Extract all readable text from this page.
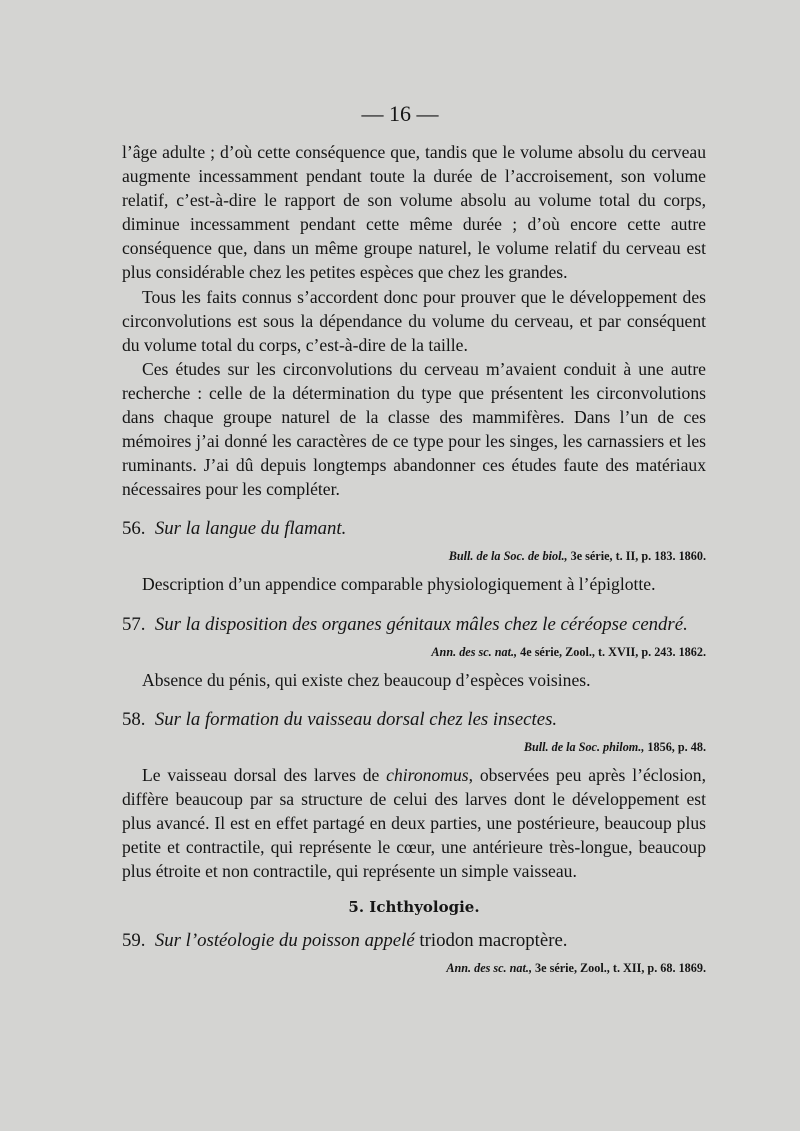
— 16 —

l’âge adulte ; d’où cette conséquence que, tandis que le volume absolu du cerveau augmente incessamment pendant toute la durée de l’accroisement, son volume relatif, c’est-à-dire le rapport de son volume absolu au volume total du corps, diminue incessamment pendant cette même durée ; d’où encore cette autre conséquence que, dans un même groupe naturel, le volume relatif du cerveau est plus considérable chez les petites espèces que chez les grandes.

Tous les faits connus s’accordent donc pour prouver que le développement des circonvolutions est sous la dépendance du volume du cerveau, et par conséquent du volume total du corps, c’est-à-dire de la taille.

Ces études sur les circonvolutions du cerveau m’avaient conduit à une autre recherche : celle de la détermination du type que présentent les circonvolutions dans chaque groupe naturel de la classe des mammifères. Dans l’un de ces mémoires j’ai donné les caractères de ce type pour les singes, les carnassiers et les ruminants. J’ai dû depuis longtemps abandonner ces études faute des matériaux nécessaires pour les compléter.

56. Sur la langue du flamant.
Bull. de la Soc. de biol., 3e série, t. II, p. 183. 1860.

Description d’un appendice comparable physiologiquement à l’épiglotte.

57. Sur la disposition des organes génitaux mâles chez le céréopse cendré.
Ann. des sc. nat., 4e série, Zool., t. XVII, p. 243. 1862.

Absence du pénis, qui existe chez beaucoup d’espèces voisines.

58. Sur la formation du vaisseau dorsal chez les insectes.
Bull. de la Soc. philom., 1856, p. 48.

Le vaisseau dorsal des larves de chironomus, observées peu après l’éclosion, diffère beaucoup par sa structure de celui des larves dont le développement est plus avancé. Il est en effet partagé en deux parties, une postérieure, beaucoup plus petite et contractile, qui représente le cœur, une antérieure très-longue, beaucoup plus étroite et non contractile, qui représente un simple vaisseau.

5. Ichthyologie.
59. Sur l’ostéologie du poisson appelé triodon macroptère.
Ann. des sc. nat., 3e série, Zool., t. XII, p. 68. 1869.
